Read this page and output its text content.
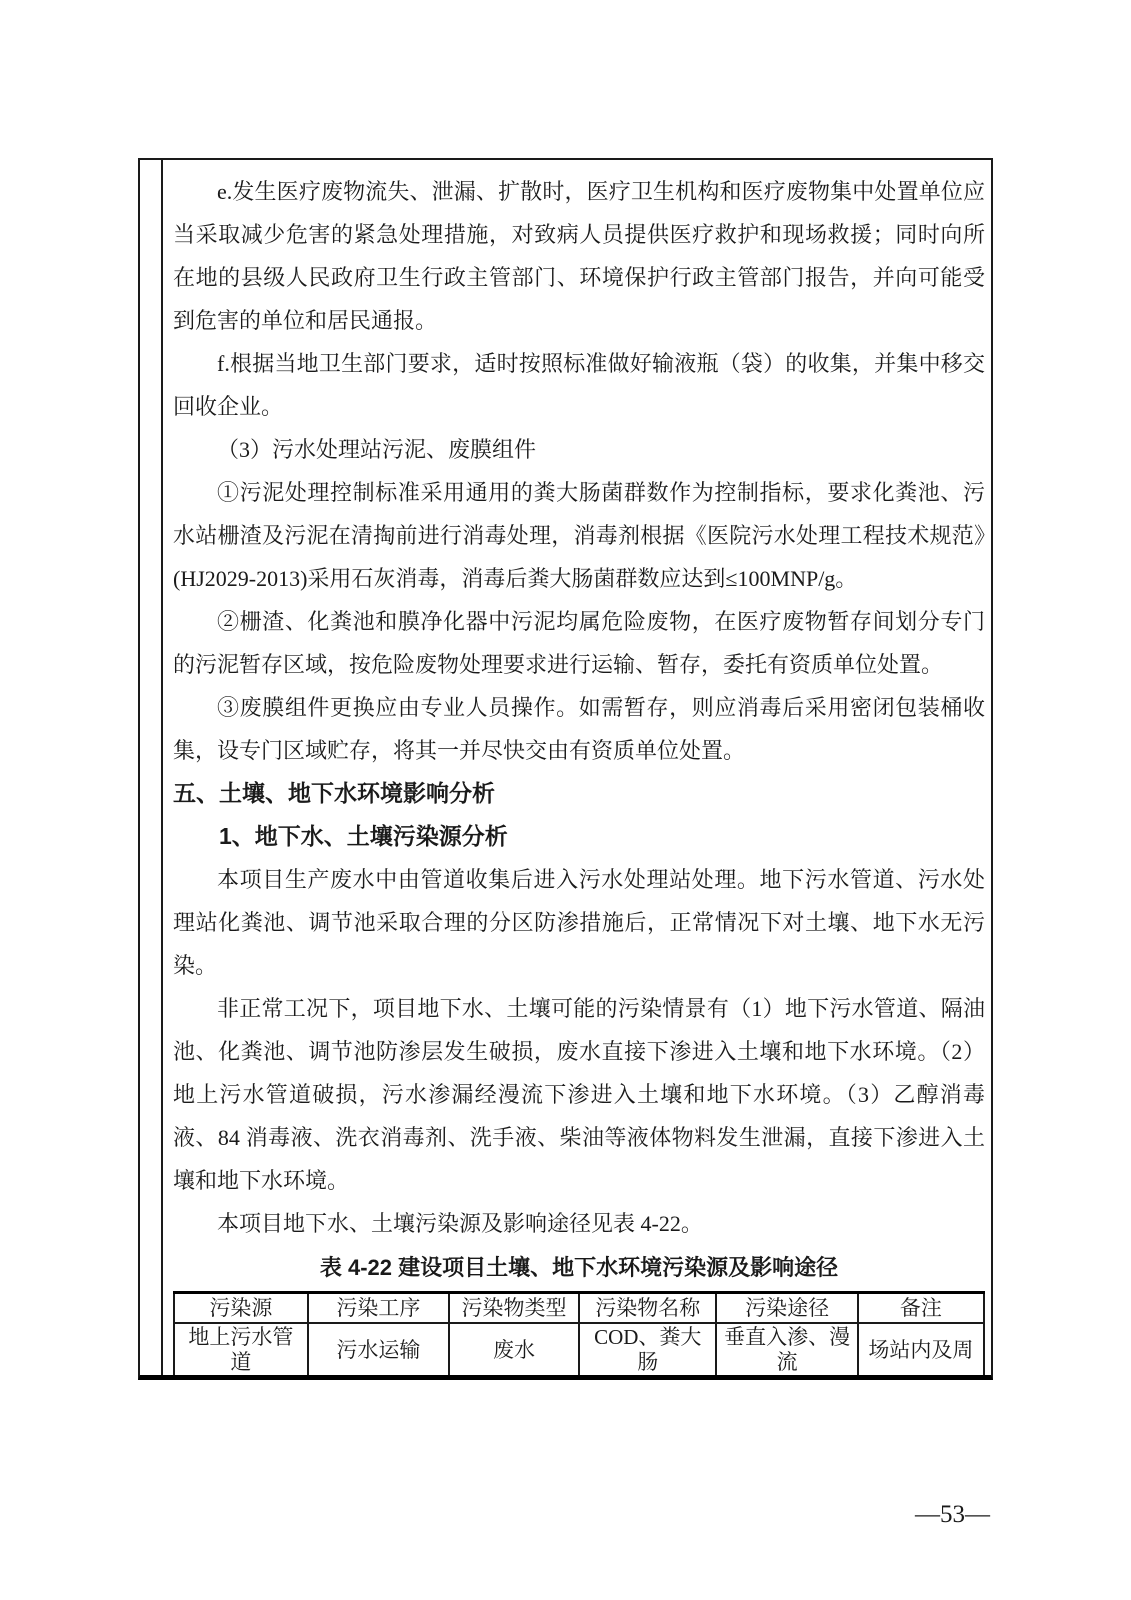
e.发生医疗废物流失、泄漏、扩散时，医疗卫生机构和医疗废物集中处置单位应当采取减少危害的紧急处理措施，对致病人员提供医疗救护和现场救援；同时向所在地的县级人民政府卫生行政主管部门、环境保护行政主管部门报告，并向可能受到危害的单位和居民通报。

f.根据当地卫生部门要求，适时按照标准做好输液瓶（袋）的收集，并集中移交回收企业。

（3）污水处理站污泥、废膜组件

①污泥处理控制标准采用通用的粪大肠菌群数作为控制指标，要求化粪池、污水站栅渣及污泥在清掏前进行消毒处理，消毒剂根据《医院污水处理工程技术规范》(HJ2029-2013)采用石灰消毒，消毒后粪大肠菌群数应达到≤100MNP/g。

②栅渣、化粪池和膜净化器中污泥均属危险废物，在医疗废物暂存间划分专门的污泥暂存区域，按危险废物处理要求进行运输、暂存，委托有资质单位处置。

③废膜组件更换应由专业人员操作。如需暂存，则应消毒后采用密闭包装桶收集，设专门区域贮存，将其一并尽快交由有资质单位处置。

五、土壤、地下水环境影响分析

1、地下水、土壤污染源分析

本项目生产废水中由管道收集后进入污水处理站处理。地下污水管道、污水处理站化粪池、调节池采取合理的分区防渗措施后，正常情况下对土壤、地下水无污染。

非正常工况下，项目地下水、土壤可能的污染情景有（1）地下污水管道、隔油池、化粪池、调节池防渗层发生破损，废水直接下渗进入土壤和地下水环境。（2）地上污水管道破损，污水渗漏经漫流下渗进入土壤和地下水环境。（3）乙醇消毒液、84 消毒液、洗衣消毒剂、洗手液、柴油等液体物料发生泄漏，直接下渗进入土壤和地下水环境。

本项目地下水、土壤污染源及影响途径见表 4-22。

表 4-22 建设项目土壤、地下水环境污染源及影响途径

污染源	污染工序	污染物类型	污染物名称	污染途径	备注
地上污水管道	污水运输	废水	COD、粪大肠	垂直入渗、漫流	场站内及周
—53—
